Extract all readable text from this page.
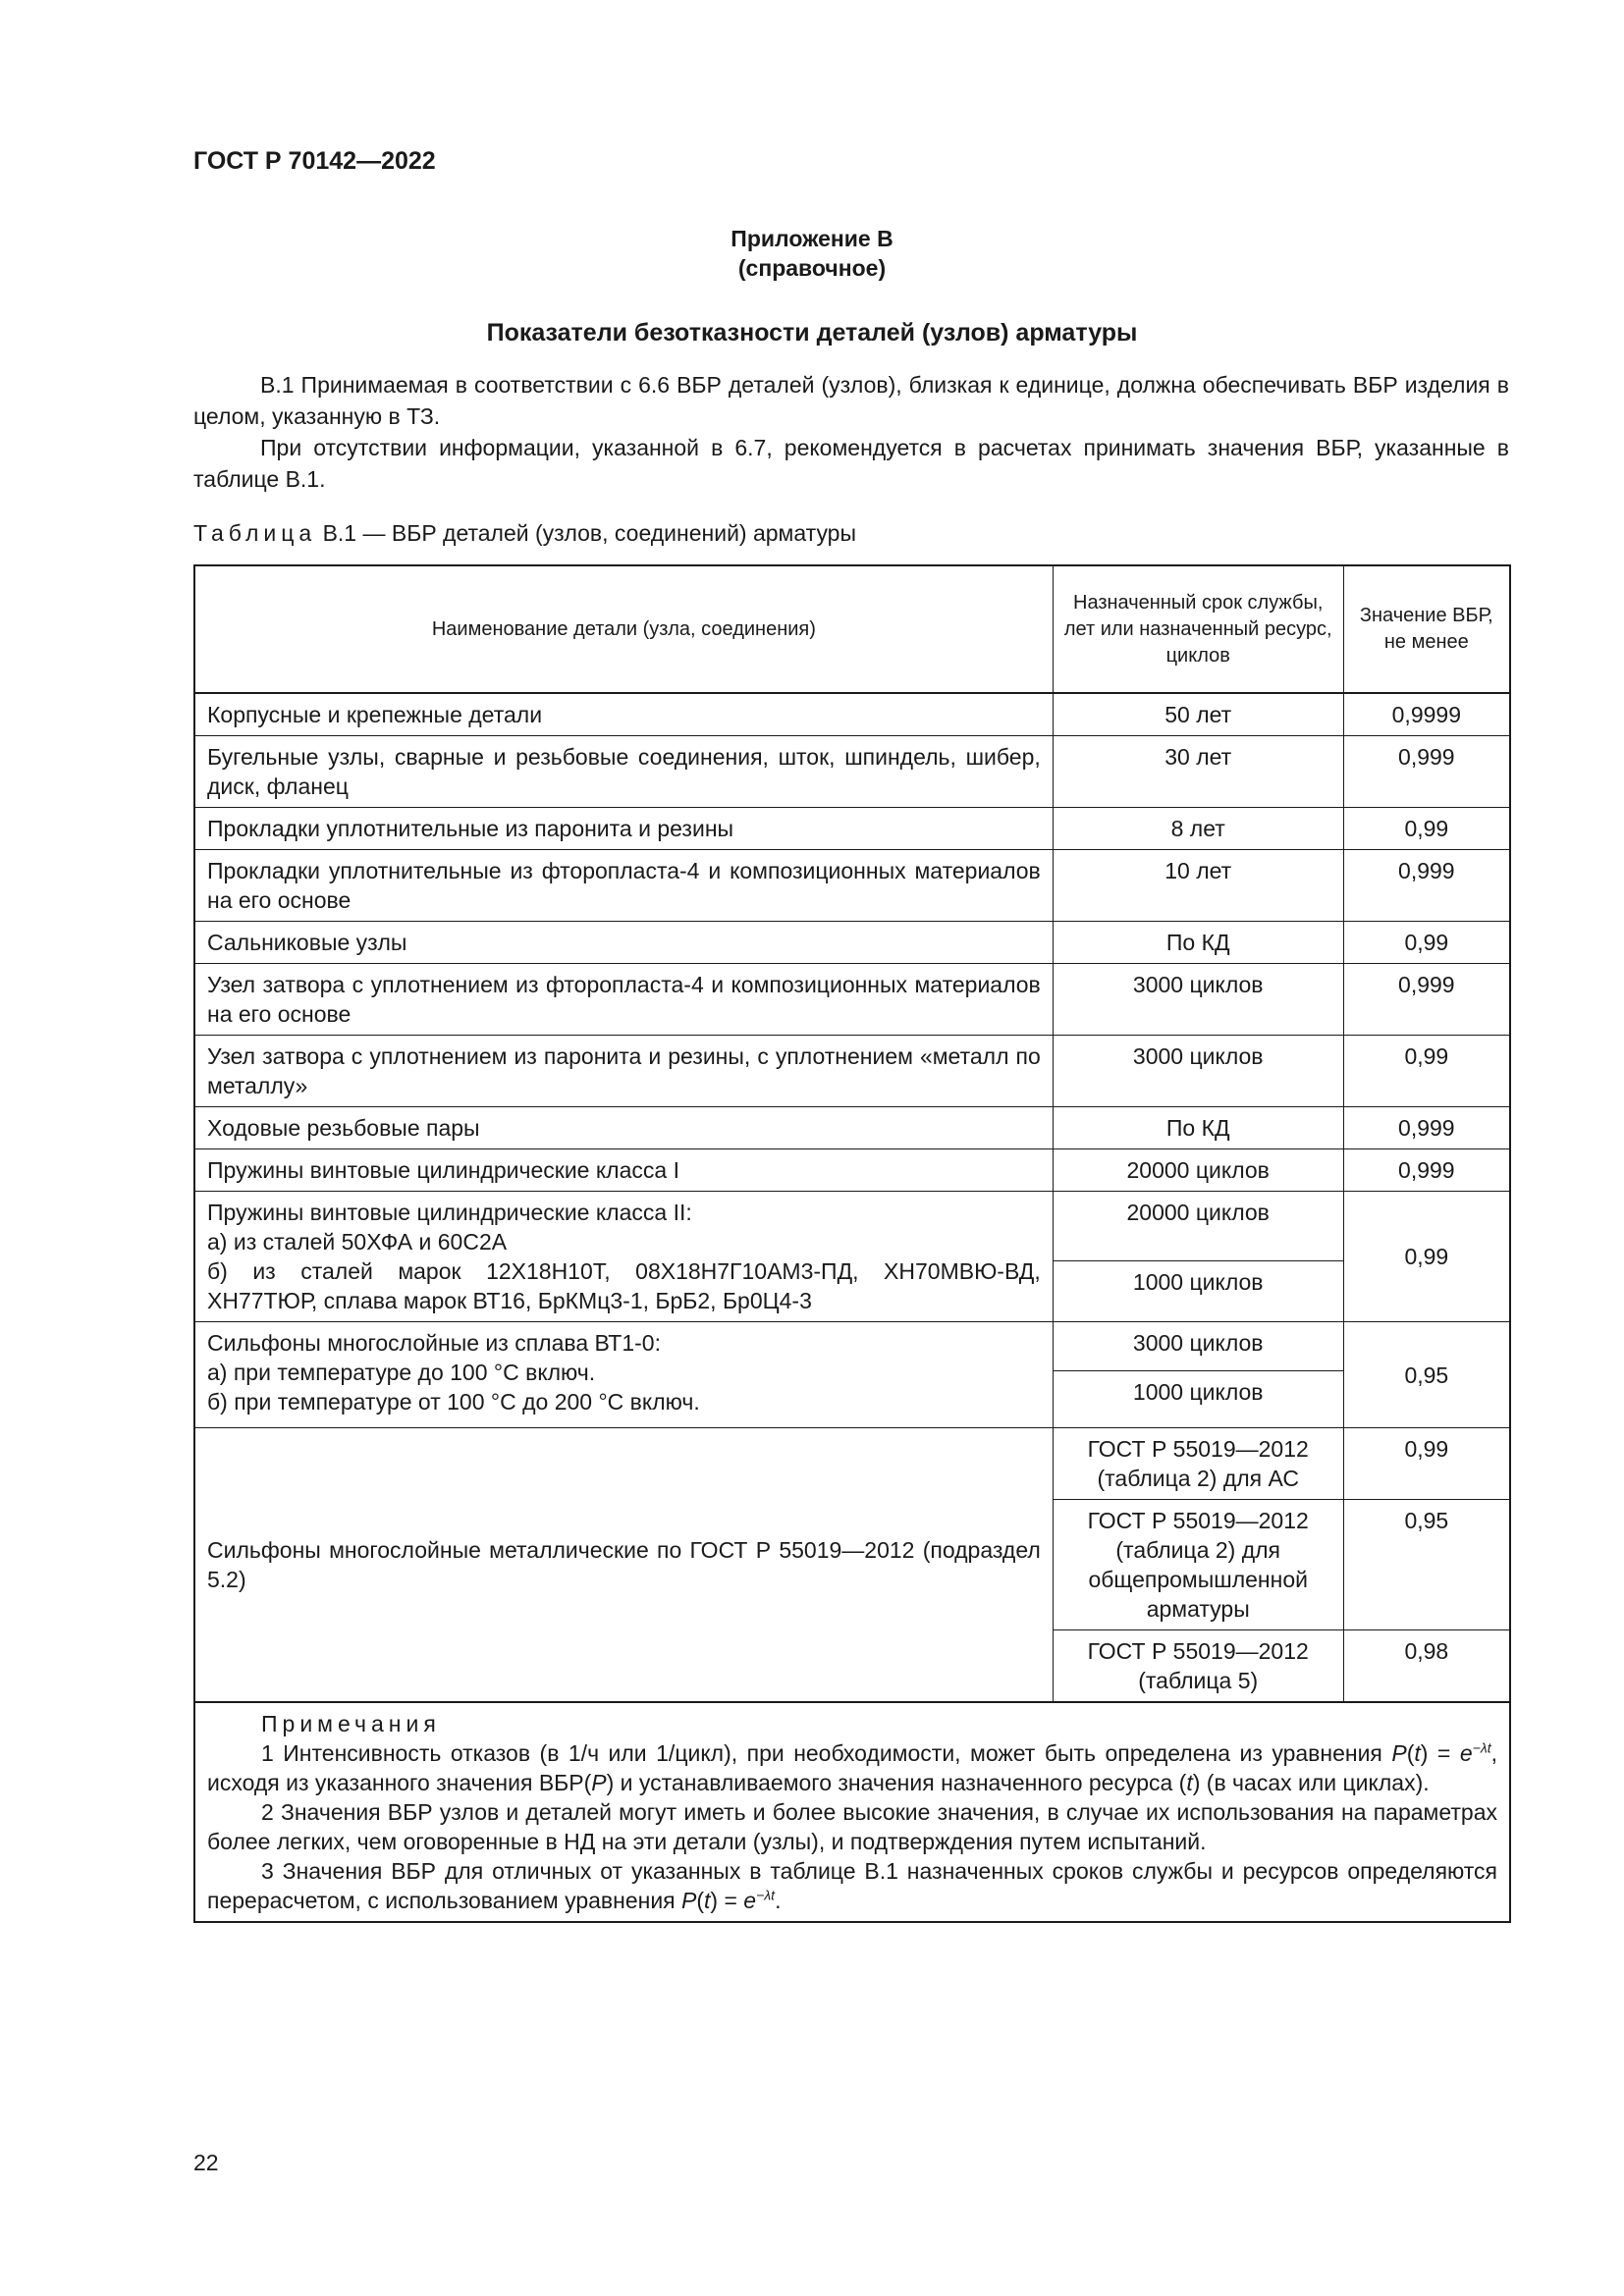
ГОСТ Р 70142—2022
Приложение В
(справочное)
Показатели безотказности деталей (узлов) арматуры
В.1 Принимаемая в соответствии с 6.6 ВБР деталей (узлов), близкая к единице, должна обеспечивать ВБР изделия в целом, указанную в ТЗ.
При отсутствии информации, указанной в 6.7, рекомендуется в расчетах принимать значения ВБР, указанные в таблице В.1.
Таблица В.1 — ВБР деталей (узлов, соединений) арматуры
Наименование детали (узла, соединения)	Назначенный срок службы, лет или назначенный ресурс, циклов	Значение ВБР, не менее
Корпусные и крепежные детали	50 лет	0,9999
Бугельные узлы, сварные и резьбовые соединения, шток, шпиндель, шибер, диск, фланец	30 лет	0,999
Прокладки уплотнительные из паронита и резины	8 лет	0,99
Прокладки уплотнительные из фторопласта-4 и композиционных материалов на его основе	10 лет	0,999
Сальниковые узлы	По КД	0,99
Узел затвора с уплотнением из фторопласта-4 и композиционных материалов на его основе	3000 циклов	0,999
Узел затвора с уплотнением из паронита и резины, с уплотнением «металл по металлу»	3000 циклов	0,99
Ходовые резьбовые пары	По КД	0,999
Пружины винтовые цилиндрические класса I	20000 циклов	0,999

Пружины винтовые цилиндрические класса II:
а) из сталей 50ХФА и 60С2А
б) из сталей марок 12Х18Н10Т, 08Х18Н7Г10АМ3-ПД, ХН70МВЮ-ВД, ХН77ТЮР, сплава марок ВТ16, БрКМц3-1, БрБ2, Бр0Ц4-3	20000 циклов	0,99
	1000 циклов	

Сильфоны многослойные из сплава ВТ1-0:
а) при температуре до 100 °С включ.
б) при температуре от 100 °С до 200 °С включ.	3000 циклов	0,95
	1000 циклов	
Сильфоны многослойные металлические по ГОСТ Р 55019—2012 (подраздел 5.2)	ГОСТ Р 55019—2012 (таблица 2) для АС	0,99
	ГОСТ Р 55019—2012 (таблица 2) для общепромышленной арматуры	0,95
	ГОСТ Р 55019—2012 (таблица 5)	0,98

Примечания
1 Интенсивность отказов (в 1/ч или 1/цикл), при необходимости, может быть определена из уравнения $P(t) = e^{-\lambda t}$, исходя из указанного значения ВБР(P) и устанавливаемого значения назначенного ресурса (t) (в часах или циклах).
2 Значения ВБР узлов и деталей могут иметь и более высокие значения, в случае их использования на параметрах более легких, чем оговоренные в НД на эти детали (узлы), и подтверждения путем испытаний.
3 Значения ВБР для отличных от указанных в таблице В.1 назначенных сроков службы и ресурсов определяются перерасчетом, с использованием уравнения $P(t) = e^{-\lambda t}$.		
22
